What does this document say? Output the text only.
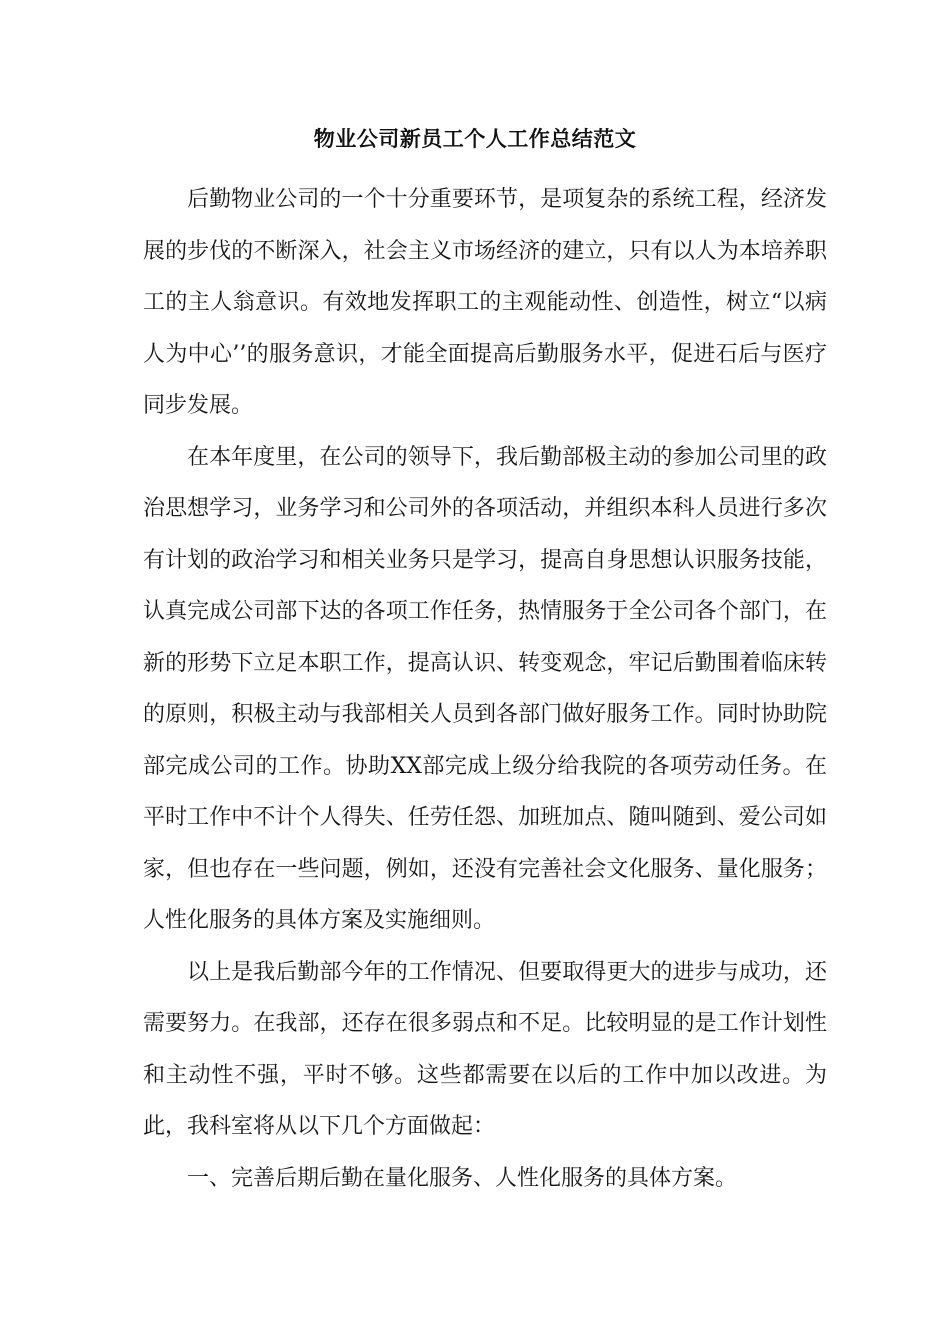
物业公司新员工个人工作总结范文

后勤物业公司的一个十分重要环节，是项复杂的系统工程，经济发展的步伐的不断深入，社会主义市场经济的建立，只有以人为本培养职工的主人翁意识。有效地发挥职工的主观能动性、创造性，树立“以病人为中心’’的服务意识，才能全面提高后勤服务水平，促进石后与医疗同步发展。

在本年度里，在公司的领导下，我后勤部极主动的参加公司里的政治思想学习，业务学习和公司外的各项活动，并组织本科人员进行多次有计划的政治学习和相关业务只是学习，提高自身思想认识服务技能，认真完成公司部下达的各项工作任务，热情服务于全公司各个部门，在新的形势下立足本职工作，提高认识、转变观念，牢记后勤围着临床转的原则，积极主动与我部相关人员到各部门做好服务工作。同时协助院部完成公司的工作。协助XX部完成上级分给我院的各项劳动任务。在平时工作中不计个人得失、任劳任怨、加班加点、随叫随到、爱公司如家，但也存在一些问题，例如，还没有完善社会文化服务、量化服务；人性化服务的具体方案及实施细则。

以上是我后勤部今年的工作情况、但要取得更大的进步与成功，还需要努力。在我部，还存在很多弱点和不足。比较明显的是工作计划性和主动性不强，平时不够。这些都需要在以后的工作中加以改进。为此，我科室将从以下几个方面做起：

一、完善后期后勤在量化服务、人性化服务的具体方案。
